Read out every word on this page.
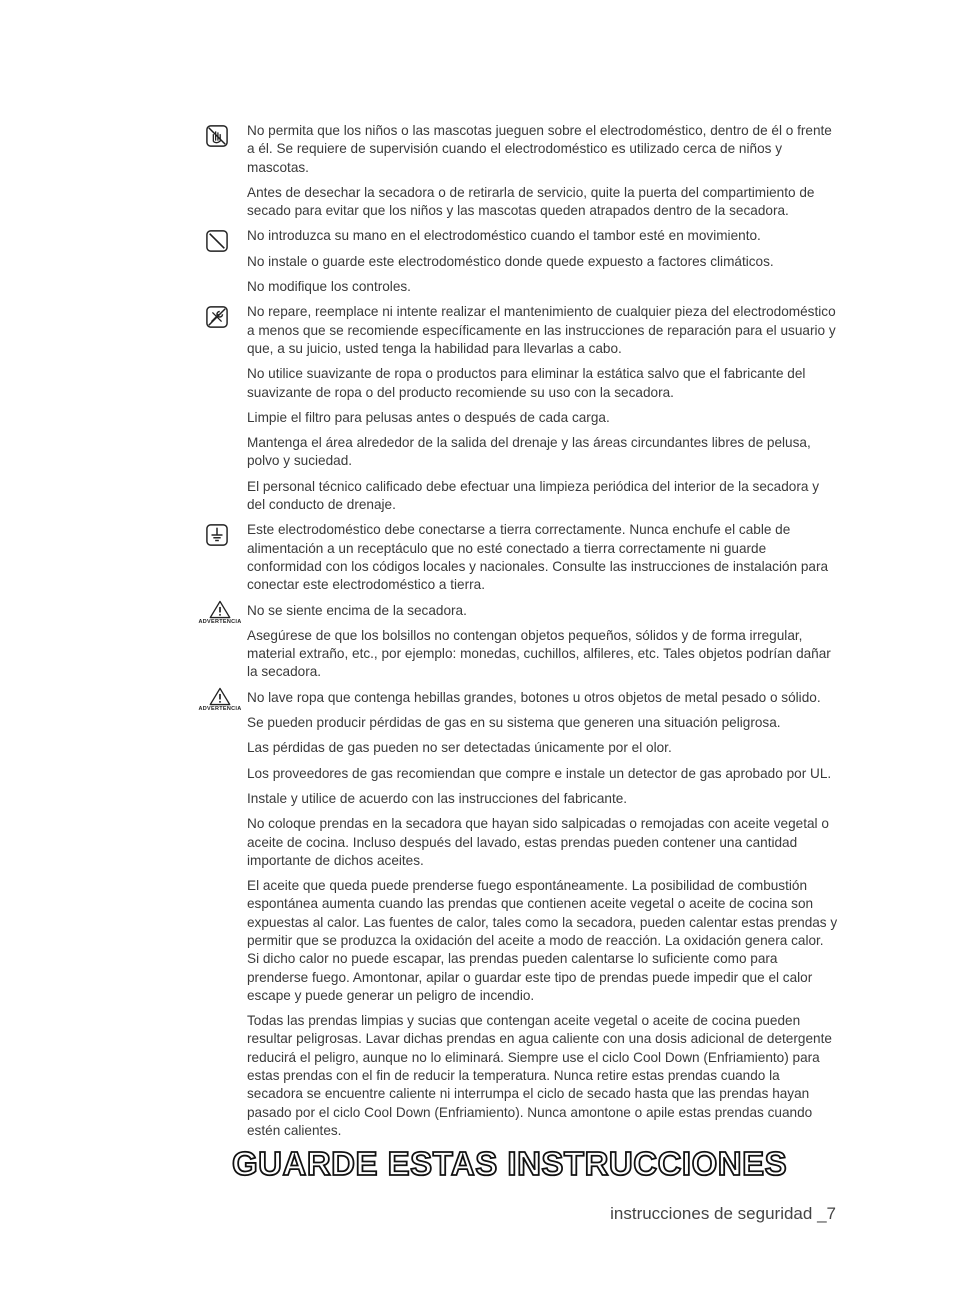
No permita que los niños o las mascotas jueguen sobre el electrodoméstico, dentro de él o frente a él. Se requiere de supervisión cuando el electrodoméstico es utilizado cerca de niños y mascotas.
Antes de desechar la secadora o de retirarla de servicio, quite la puerta del compartimiento de secado para evitar que los niños y las mascotas queden atrapados dentro de la secadora.
No introduzca su mano en el electrodoméstico cuando el tambor esté en movimiento.
No instale o guarde este electrodoméstico donde quede expuesto a factores climáticos.
No modifique los controles.
No repare, reemplace ni intente realizar el mantenimiento de cualquier pieza del electrodoméstico a menos que se recomiende específicamente en las instrucciones de reparación para el usuario y que, a su juicio, usted tenga la habilidad para llevarlas a cabo.
No utilice suavizante de ropa o productos para eliminar la estática salvo que el fabricante del suavizante de ropa o del producto recomiende su uso con la secadora.
Limpie el filtro para pelusas antes o después de cada carga.
Mantenga el área alrededor de la salida del drenaje y las áreas circundantes libres de pelusa, polvo y suciedad.
El personal técnico calificado debe efectuar una limpieza periódica del interior de la secadora y del conducto de drenaje.
Este electrodoméstico debe conectarse a tierra correctamente. Nunca enchufe el cable de alimentación a un receptáculo que no esté conectado a tierra correctamente ni guarde conformidad con los códigos locales y nacionales. Consulte las instrucciones de instalación para conectar este electrodoméstico a tierra.
ADVERTENCIA
No se siente encima de la secadora.
Asegúrese de que los bolsillos no contengan objetos pequeños, sólidos y de forma irregular, material extraño, etc., por ejemplo: monedas, cuchillos, alfileres, etc. Tales objetos podrían dañar la secadora.
ADVERTENCIA
No lave ropa que contenga hebillas grandes, botones u otros objetos de metal pesado o sólido.
Se pueden producir pérdidas de gas en su sistema que generen una situación peligrosa.
Las pérdidas de gas pueden no ser detectadas únicamente por el olor.
Los proveedores de gas recomiendan que compre e instale un detector de gas aprobado por UL.
Instale y utilice de acuerdo con las instrucciones del fabricante.
No coloque prendas en la secadora que hayan sido salpicadas o remojadas con aceite vegetal o aceite de cocina. Incluso después del lavado, estas prendas pueden contener una cantidad importante de dichos aceites.
El aceite que queda puede prenderse fuego espontáneamente. La posibilidad de combustión espontánea aumenta cuando las prendas que contienen aceite vegetal o aceite de cocina son expuestas al calor. Las fuentes de calor, tales como la secadora, pueden calentar estas prendas y permitir que se produzca la oxidación del aceite a modo de reacción. La oxidación genera calor. Si dicho calor no puede escapar, las prendas pueden calentarse lo suficiente como para prenderse fuego. Amontonar, apilar o guardar este tipo de prendas puede impedir que el calor escape y puede generar un peligro de incendio.
Todas las prendas limpias y sucias que contengan aceite vegetal o aceite de cocina pueden resultar peligrosas. Lavar dichas prendas en agua caliente con una dosis adicional de detergente reducirá el peligro, aunque no lo eliminará. Siempre use el ciclo Cool Down (Enfriamiento) para estas prendas con el fin de reducir la temperatura. Nunca retire estas prendas cuando la secadora se encuentre caliente ni interrumpa el ciclo de secado hasta que las prendas hayan pasado por el ciclo Cool Down (Enfriamiento). Nunca amontone o apile estas prendas cuando estén calientes.
GUARDE ESTAS INSTRUCCIONES
instrucciones de seguridad _7
